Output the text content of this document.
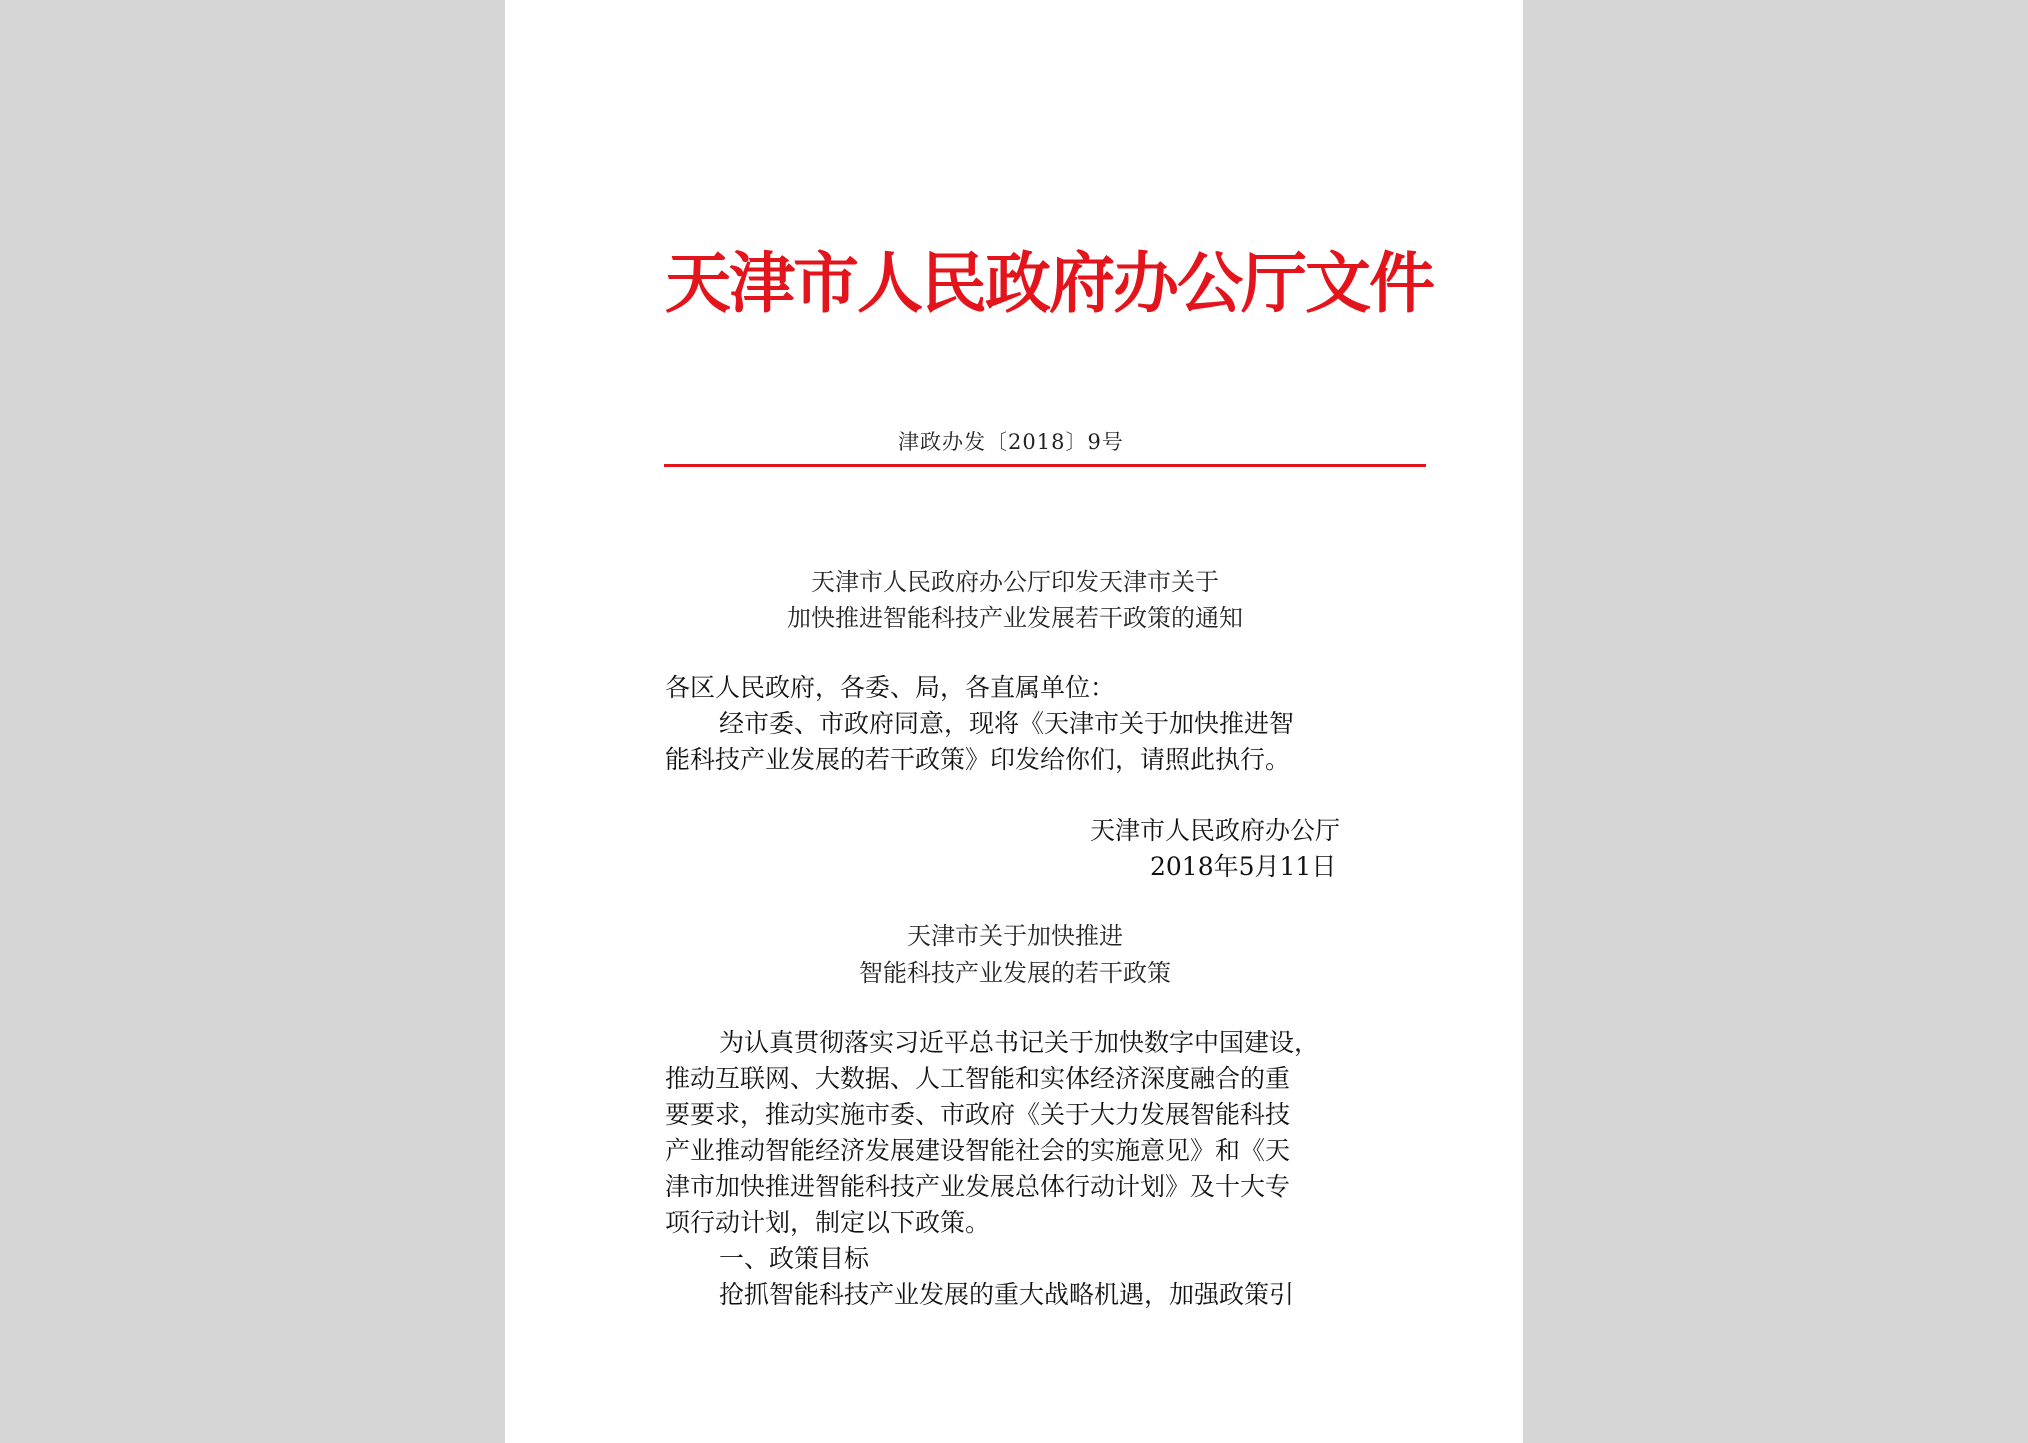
天津市人民政府办公厅文件
津政办发〔2018〕9号
天津市人民政府办公厅印发天津市关于
加快推进智能科技产业发展若干政策的通知
各区人民政府，各委、局，各直属单位：
经市委、市政府同意，现将《天津市关于加快推进智
能科技产业发展的若干政策》印发给你们，请照此执行。
天津市人民政府办公厅
2018年5月11日
天津市关于加快推进
智能科技产业发展的若干政策
为认真贯彻落实习近平总书记关于加快数字中国建设，
推动互联网、大数据、人工智能和实体经济深度融合的重
要要求，推动实施市委、市政府《关于大力发展智能科技
产业推动智能经济发展建设智能社会的实施意见》和《天
津市加快推进智能科技产业发展总体行动计划》及十大专
项行动计划，制定以下政策。
一、政策目标
抢抓智能科技产业发展的重大战略机遇，加强政策引
